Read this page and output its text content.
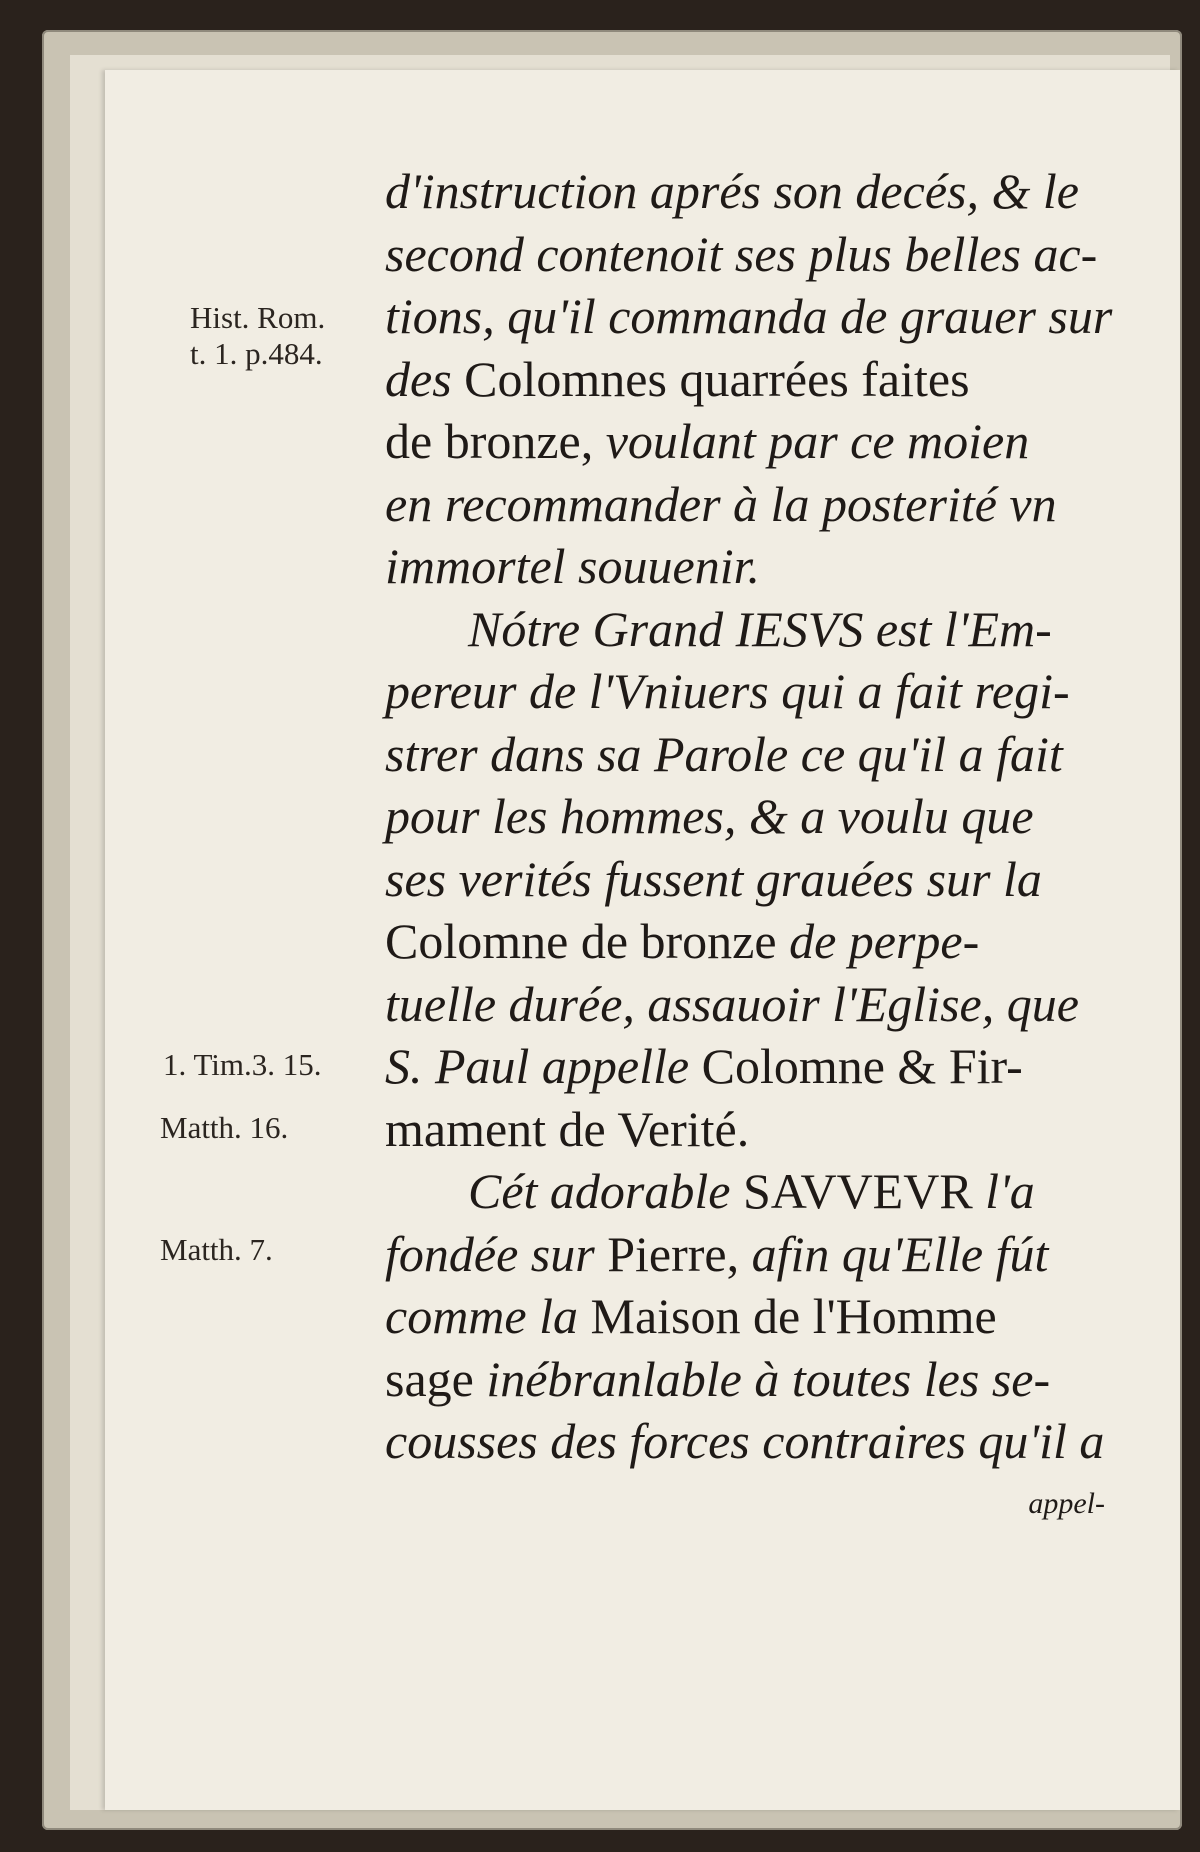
Hist. Rom.
t. 1. p.484.
1. Tim.3. 15.
Matth. 16.
Matth. 7.
d'instruction aprés son decés, & le
second contenoit ses plus belles ac-
tions, qu'il commanda de grauer sur
des Colomnes quarrées faites
de bronze, voulant par ce moien
en recommander à la posterité vn
immortel souuenir.
Nótre Grand IESVS est l'Em-
pereur de l'Vniuers qui a fait regi-
strer dans sa Parole ce qu'il a fait
pour les hommes, & a voulu que
ses verités fussent grauées sur la
Colomne de bronze de perpe-
tuelle durée, assauoir l'Eglise, que
S. Paul appelle Colomne & Fir-
mament de Verité.
Cét adorable SAVVEVR l'a
fondée sur Pierre, afin qu'Elle fút
comme la Maison de l'Homme
sage inébranlable à toutes les se-
cousses des forces contraires qu'il a
appel-
